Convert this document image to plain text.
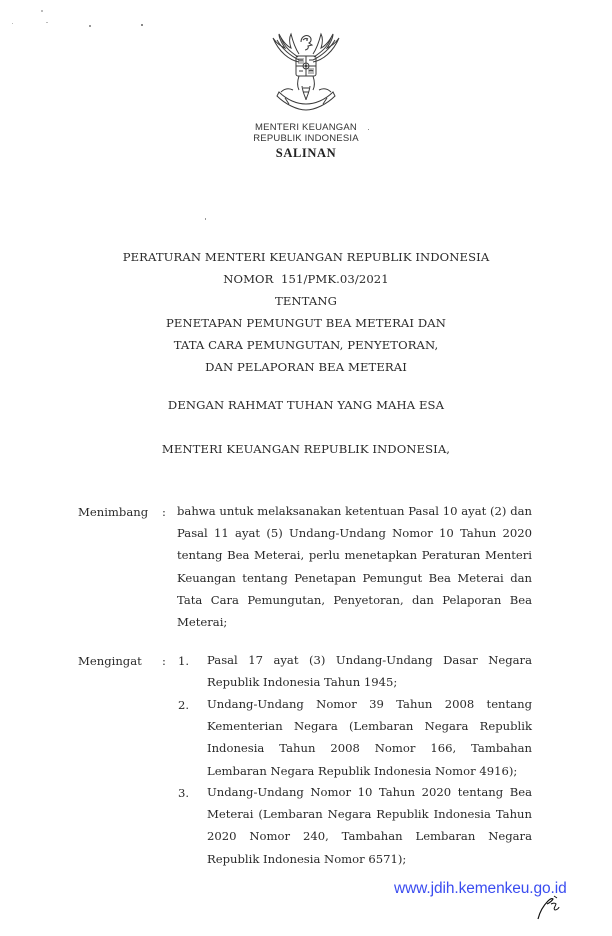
MENTERI KEUANGAN
REPUBLIK INDONESIA
·
SALINAN
PERATURAN MENTERI KEUANGAN REPUBLIK INDONESIA
NOMOR  151/PMK.03/2021
TENTANG
PENETAPAN PEMUNGUT BEA METERAI DAN
TATA CARA PEMUNGUTAN, PENYETORAN,
DAN PELAPORAN BEA METERAI
DENGAN RAHMAT TUHAN YANG MAHA ESA
MENTERI KEUANGAN REPUBLIK INDONESIA,
Menimbang : bahwa untuk melaksanakan ketentuan Pasal 10 ayat (2) dan
Pasal 11 ayat (5) Undang-Undang Nomor 10 Tahun 2020
tentang Bea Meterai, perlu menetapkan Peraturan Menteri
Keuangan tentang Penetapan Pemungut Bea Meterai dan
Tata Cara Pemungutan, Penyetoran, dan Pelaporan Bea
Meterai;
Mengingat : 1. Pasal 17 ayat (3) Undang-Undang Dasar Negara
Republik Indonesia Tahun 1945;
2. Undang-Undang Nomor 39 Tahun 2008 tentang
Kementerian Negara (Lembaran Negara Republik
Indonesia Tahun 2008 Nomor 166, Tambahan
Lembaran Negara Republik Indonesia Nomor 4916);
3. Undang-Undang Nomor 10 Tahun 2020 tentang Bea
Meterai (Lembaran Negara Republik Indonesia Tahun
2020 Nomor 240, Tambahan Lembaran Negara
Republik Indonesia Nomor 6571);
www.jdih.kemenkeu.go.id
